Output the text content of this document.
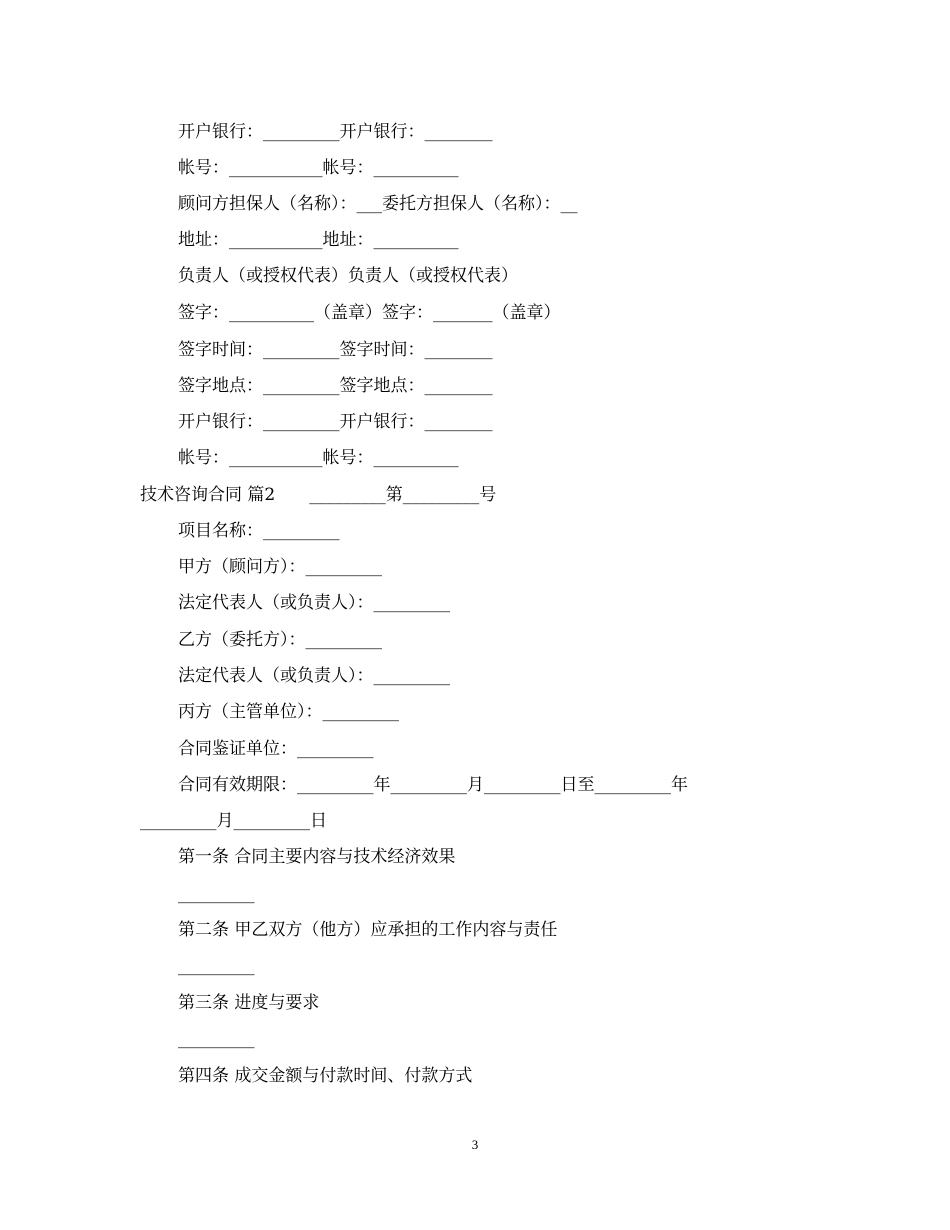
开户银行：_________开户银行：________
帐号：___________帐号：__________
顾问方担保人（名称）：___委托方担保人（名称）：__
地址：___________地址：__________
负责人（或授权代表）负责人（或授权代表）
签字：__________（盖章）签字：_______（盖章）
签字时间：_________签字时间：________
签字地点：_________签字地点：________
开户银行：_________开户银行：________
帐号：___________帐号：__________
技术咨询合同 篇2　　_________第_________号
项目名称：_________
甲方（顾问方）：_________
法定代表人（或负责人）：_________
乙方（委托方）：_________
法定代表人（或负责人）：_________
丙方（主管单位）：_________
合同鉴证单位：_________
合同有效期限：_________年_________月_________日至_________年
_________月_________日
第一条 合同主要内容与技术经济效果
_________
第二条 甲乙双方（他方）应承担的工作内容与责任
_________
第三条 进度与要求
_________
第四条 成交金额与付款时间、付款方式
3
